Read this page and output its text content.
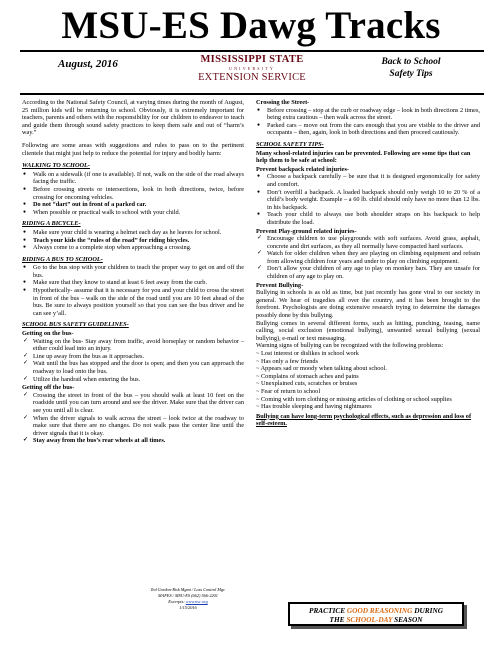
MSU-ES Dawg Tracks
August, 2016	MISSISSIPPI STATE
UNIVERSITY
EXTENSION SERVICE
Back to School
Safety Tips

According to the National Safety Council, at varying times during the month of August, 25 million kids will be returning to school. Obviously, it is extremely important for teachers, parents and others with the responsibility for our children to endeavor to teach and guide them through sound safety practices to keep them safe and out of “harm’s way.”

Following are some areas with suggestions and rules to pass on to the pertinent clientele that might just help to reduce the potential for injury and bodily harm:

WALKING TO SCHOOL-
● Walk on a sidewalk (if one is available). If not, walk on the side of the road always facing the traffic.
● Before crossing streets or intersections, look in both directions, twice, before crossing for oncoming vehicles.
● Do not “dart” out in front of a parked car.
● When possible or practical walk to school with your child.
RIDING A BICYCLE-
● Make sure your child is wearing a helmet each day as he leaves for school.
● Teach your kids the “rules of the road” for riding bicycles.
● Always come to a complete stop when approaching a crossing.
RIDING A BUS TO SCHOOL-
● Go to the bus stop with your children to teach the proper way to get on and off the bus.
● Make sure that they know to stand at least 6 feet away from the curb.
● Hypothetically- assume that it is necessary for you and your child to cross the street in front of the bus – walk on the side of the road until you are 10 feet ahead of the bus. Be sure to always position yourself so that you can see the bus driver and he can see y’all.
SCHOOL BUS SAFETY GUIDELINES-
Getting on the bus-
✓ Waiting on the bus- Stay away from traffic, avoid horseplay or random behavior – either could lead into an injury.
✓ Line up away from the bus as it approaches.
✓ Wait until the bus has stopped and the door is open; and then you can approach the roadway to load onto the bus.
✓ Utilize the handrail when entering the bus.
Getting off the bus-
✓ Crossing the street in front of the bus – you should walk at least 10 feet on the roadside until you can turn around and see the driver. Make sure that the driver can see you until all is clear.
✓ When the driver signals to walk across the street – look twice at the roadway to make sure that there are no changes. Do not walk pass the center line until the driver signals that it is okay.
✓ Stay away from the bus’s rear wheels at all times.
Crossing the Street-
● Before crossing – stop at the curb or roadway edge – look in both directions 2 times, being extra cautious – then walk across the street.
● Parked cars – move out from the cars enough that you are visible to the driver and occupants – then, again, look in both directions and then proceed cautiously.
SCHOOL SAFETY TIPS-
Many school-related injuries can be prevented. Following are some tips that can help them to be safe at school:
Prevent backpack related injuries-
● Choose a backpack carefully – be sure that it is designed ergonomically for safety and comfort.
● Don’t overfill a backpack. A loaded backpack should only weigh 10 to 20 % of a child’s body weight. Example – a 60 lb. child should only have no more than 12 lbs. in his backpack.
● Teach your child to always use both shoulder straps on his backpack to help distribute the load.
Prevent Play-ground related injuries-
✓ Encourage children to use playgrounds with soft surfaces. Avoid grass, asphalt, concrete and dirt surfaces, as they all normally have compacted hard surfaces.
✓ Watch for older children when they are playing on climbing equipment and refrain from allowing children four years and under to play on climbing equipment.
✓ Don’t allow your children of any age to play on monkey bars. They are unsafe for children of any age to play on.
Prevent Bullying-

Bullying in schools is as old as time, but just recently has gone viral to our society in general. We hear of tragedies all over the country, and it has been brought to the forefront. Psychologists are doing extensive research trying to determine the damages possibly done by this bullying.

Bullying comes in several different forms, such as hitting, punching, teasing, name calling, social exclusion (emotional bullying), unwanted sexual bullying (sexual bullying), e-mail or text messaging.

Warning signs of bullying can be recognized with the following problems:

~ Lost interest or dislikes in school work
~ Has only a few friends
~ Appears sad or moody when talking about school.
~ Complains of stomach aches and pains
~ Unexplained cuts, scratches or bruises
~ Fear of return to school
~ Coming with torn clothing or missing articles of clothing or school supplies
~ Has trouble sleeping and having nightmares
Bullying can have long-term psychological effects, such as depression and loss of self-esteem.
Ted Gordon-Risk Mgmt / Loss Control Mgr.
MAFES / MSU-ES (662) 566-2201
Excerpts: www.nsc.org
1/15/2016	PRACTICE GOOD REASONING DURING
THE SCHOOL-DAY SEASON
